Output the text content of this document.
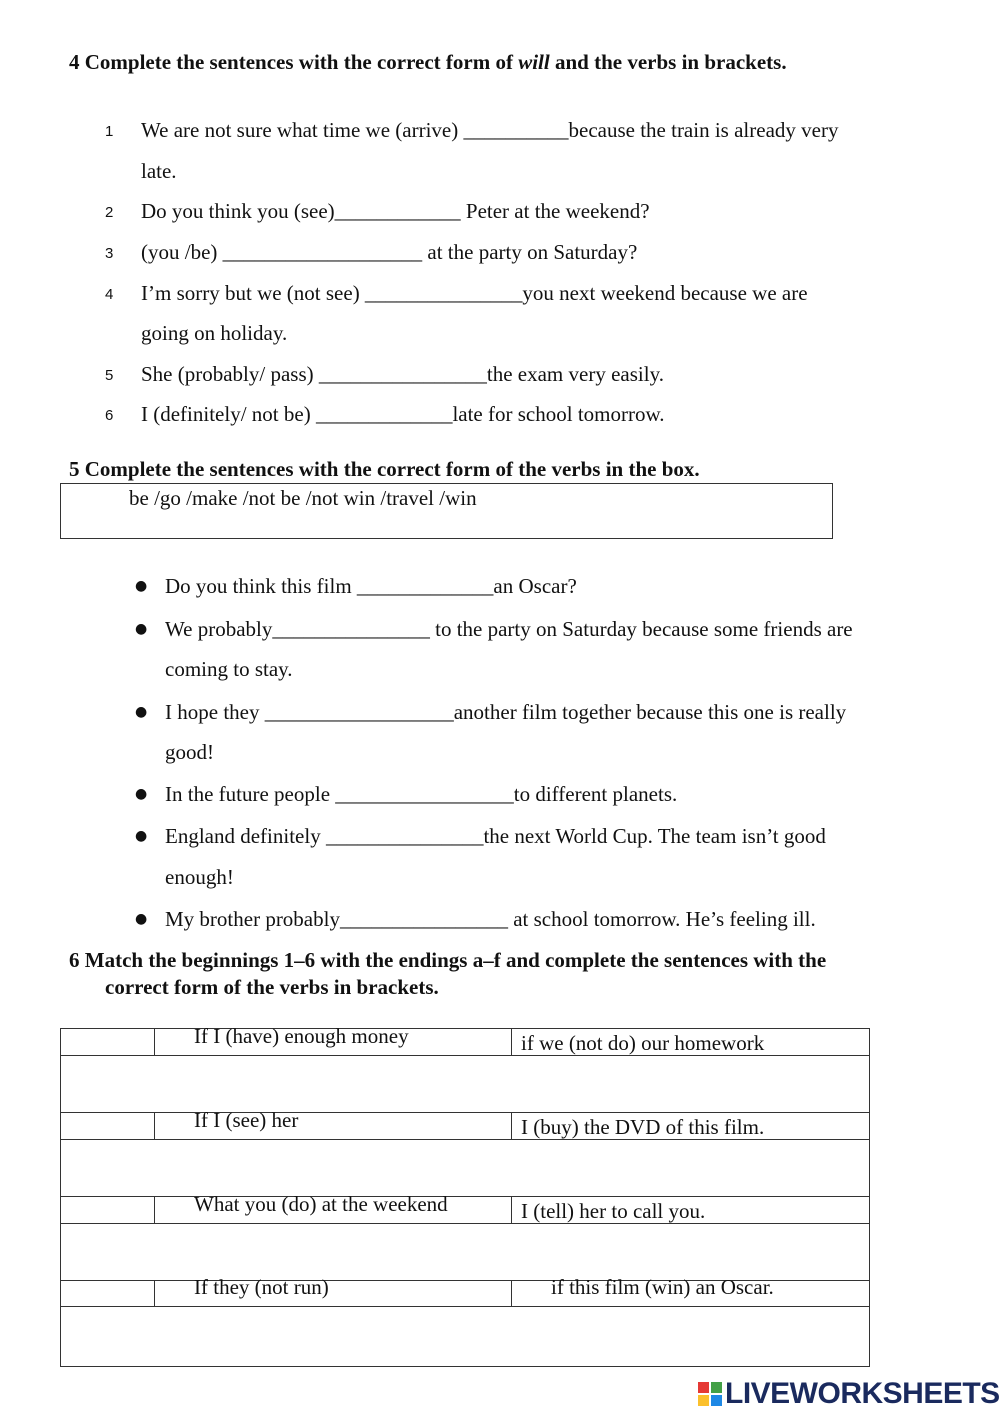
4 Complete the sentences with the correct form of will and the verbs in brackets.
1 We are not sure what time we (arrive) __________because the train is already very
late.
2 Do you think you (see)____________ Peter at the weekend?
3 (you /be) ___________________ at the party on Saturday?
4 I’m sorry but we (not see) _______________you next weekend because we are
going on holiday.
5 She (probably/ pass) ________________the exam very easily.
6 I (definitely/ not be) _____________late for school tomorrow.
5 Complete the sentences with the correct form of the verbs in the box.
be /go /make /not be /not win /travel /win
● Do you think this film _____________an Oscar?
● We probably_______________ to the party on Saturday because some friends are
coming to stay.
● I hope they __________________another film together because this one is really
good!
● In the future people _________________to different planets.
● England definitely _______________the next World Cup. The team isn’t good
enough!
● My brother probably________________ at school tomorrow. He’s feeling ill.
6 Match the beginnings 1–6 with the endings a–f and complete the sentences with the
correct form of the verbs in brackets.
If I (have) enough money	if we (not do) our homework
If I (see) her	I (buy) the DVD of this film.
What you (do) at the weekend	I (tell) her to call you.
If they (not run)	if this film (win) an Oscar.
LIVEWORKSHEETS
